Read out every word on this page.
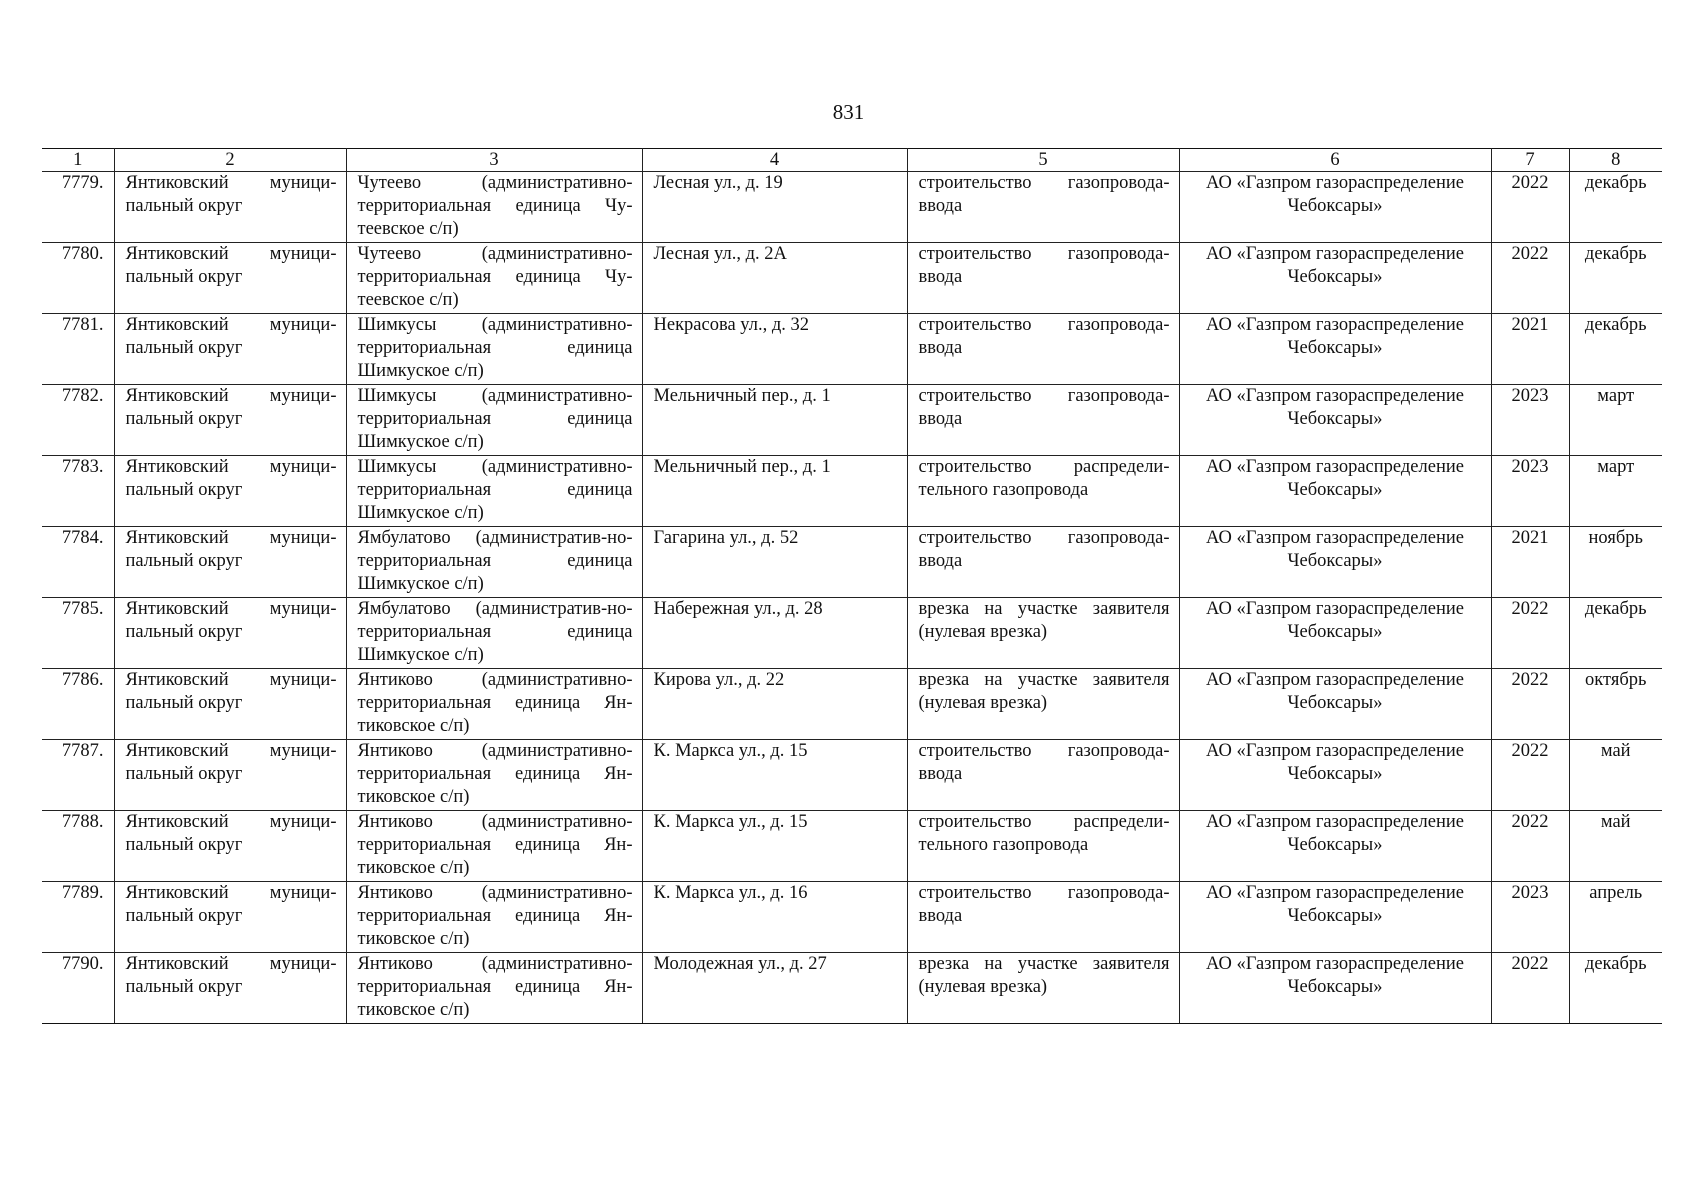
831
1	2	3	4	5	6	7	8
7779.	Янтиковский муници-пальный округ	Чутеево (административно-территориальная единица Чу-теевское с/п)	Лесная ул., д. 19	строительство газопровода-ввода	АО «Газпром газораспределение Чебоксары»	2022	декабрь
7780.	Янтиковский муници-пальный округ	Чутеево (административно-территориальная единица Чу-теевское с/п)	Лесная ул., д. 2А	строительство газопровода-ввода	АО «Газпром газораспределение Чебоксары»	2022	декабрь
7781.	Янтиковский муници-пальный округ	Шимкусы (административно-территориальная единица Шимкуское с/п)	Некрасова ул., д. 32	строительство газопровода-ввода	АО «Газпром газораспределение Чебоксары»	2021	декабрь
7782.	Янтиковский муници-пальный округ	Шимкусы (административно-территориальная единица Шимкуское с/п)	Мельничный пер., д. 1	строительство газопровода-ввода	АО «Газпром газораспределение Чебоксары»	2023	март
7783.	Янтиковский муници-пальный округ	Шимкусы (административно-территориальная единица Шимкуское с/п)	Мельничный пер., д. 1	строительство распредели-тельного газопровода	АО «Газпром газораспределение Чебоксары»	2023	март
7784.	Янтиковский муници-пальный округ	Ямбулатово (административ-но-территориальная единица Шимкуское с/п)	Гагарина ул., д. 52	строительство газопровода-ввода	АО «Газпром газораспределение Чебоксары»	2021	ноябрь
7785.	Янтиковский муници-пальный округ	Ямбулатово (административ-но-территориальная единица Шимкуское с/п)	Набережная ул., д. 28	врезка на участке заявителя (нулевая врезка)	АО «Газпром газораспределение Чебоксары»	2022	декабрь
7786.	Янтиковский муници-пальный округ	Янтиково (административно-территориальная единица Ян-тиковское с/п)	Кирова ул., д. 22	врезка на участке заявителя (нулевая врезка)	АО «Газпром газораспределение Чебоксары»	2022	октябрь
7787.	Янтиковский муници-пальный округ	Янтиково (административно-территориальная единица Ян-тиковское с/п)	К. Маркса ул., д. 15	строительство газопровода-ввода	АО «Газпром газораспределение Чебоксары»	2022	май
7788.	Янтиковский муници-пальный округ	Янтиково (административно-территориальная единица Ян-тиковское с/п)	К. Маркса ул., д. 15	строительство распредели-тельного газопровода	АО «Газпром газораспределение Чебоксары»	2022	май
7789.	Янтиковский муници-пальный округ	Янтиково (административно-территориальная единица Ян-тиковское с/п)	К. Маркса ул., д. 16	строительство газопровода-ввода	АО «Газпром газораспределение Чебоксары»	2023	апрель
7790.	Янтиковский муници-пальный округ	Янтиково (административно-территориальная единица Ян-тиковское с/п)	Молодежная ул., д. 27	врезка на участке заявителя (нулевая врезка)	АО «Газпром газораспределение Чебоксары»	2022	декабрь
